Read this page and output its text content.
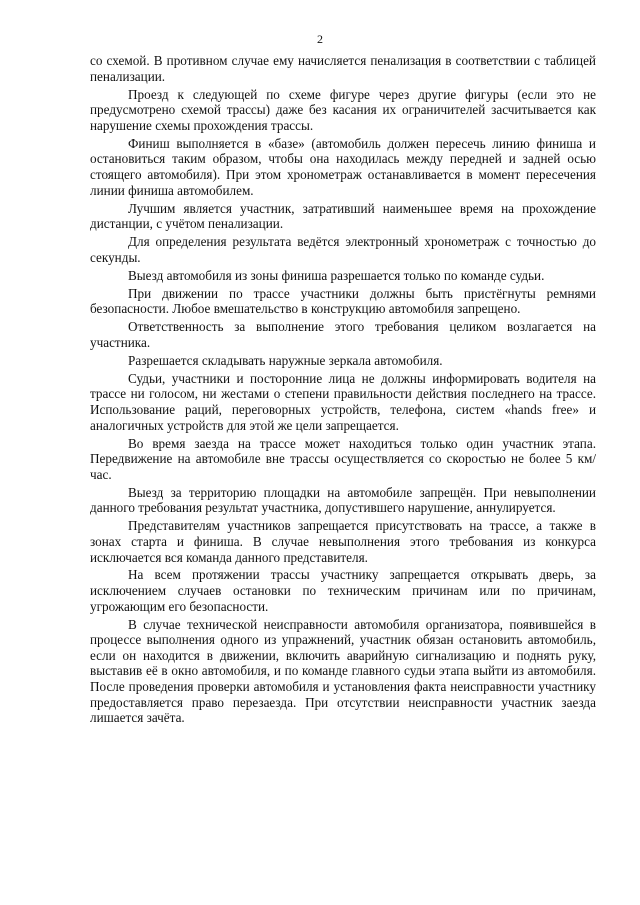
2

со схемой. В противном случае ему начисляется пенализация в соответствии с таблицей пенализации.

Проезд к следующей по схеме фигуре через другие фигуры (если это не предусмотрено схемой трассы) даже без касания их ограничителей засчитывается как нарушение схемы прохождения трассы.

Финиш выполняется в «базе» (автомобиль должен пересечь линию финиша и остановиться таким образом, чтобы она находилась между передней и задней осью стоящего автомобиля). При этом хронометраж останавливается в момент пересечения линии финиша автомобилем.

Лучшим является участник, затративший наименьшее время на прохождение дистанции, с учётом пенализации.

Для определения результата ведётся электронный хронометраж с точностью до секунды.

Выезд автомобиля из зоны финиша разрешается только по команде судьи.

При движении по трассе участники должны быть пристёгнуты ремнями безопасности. Любое вмешательство в конструкцию автомобиля запрещено.

Ответственность за выполнение этого требования целиком возлагается на участника.

Разрешается складывать наружные зеркала автомобиля.

Судьи, участники и посторонние лица не должны информировать водителя на трассе ни голосом, ни жестами о степени правильности действия последнего на трассе. Использование раций, переговорных устройств, телефона, систем «hands free» и аналогичных устройств для этой же цели запрещается.

Во время заезда на трассе может находиться только один участник этапа. Передвижение на автомобиле вне трассы осуществляется со скоростью не более 5 км/час.

Выезд за территорию площадки на автомобиле запрещён. При невыполнении данного требования результат участника, допустившего нарушение, аннулируется.

Представителям участников запрещается присутствовать на трассе, а также в зонах старта и финиша. В случае невыполнения этого требования из конкурса исключается вся команда данного представителя.

На всем протяжении трассы участнику запрещается открывать дверь, за исключением случаев остановки по техническим причинам или по причинам, угрожающим его безопасности.

В случае технической неисправности автомобиля организатора, появившейся в процессе выполнения одного из упражнений, участник обязан остановить автомобиль, если он находится в движении, включить аварийную сигнализацию и поднять руку, выставив её в окно автомобиля, и по команде главного судьи этапа выйти из автомобиля. После проведения проверки автомобиля и установления факта неисправности участнику предоставляется право перезаезда. При отсутствии неисправности участник заезда лишается зачёта.
